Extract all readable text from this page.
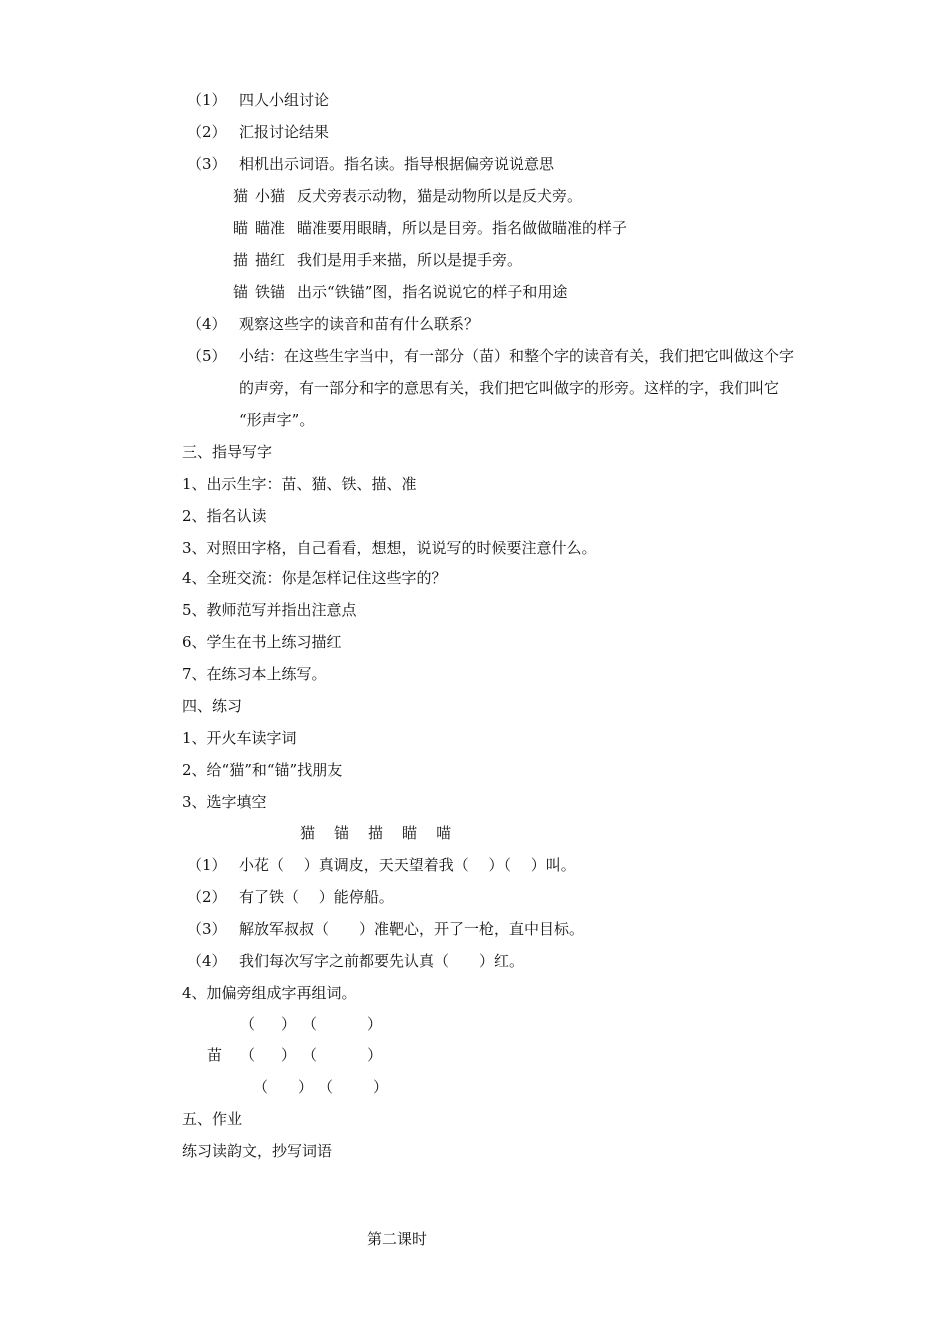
（1） 四人小组讨论
（2） 汇报讨论结果
（3） 相机出示词语。指名读。指导根据偏旁说说意思
猫 小猫 反犬旁表示动物，猫是动物所以是反犬旁。
瞄 瞄准 瞄准要用眼睛，所以是目旁。指名做做瞄准的样子
描 描红 我们是用手来描，所以是提手旁。
锚 铁锚 出示“铁锚”图，指名说说它的样子和用途
（4） 观察这些字的读音和苗有什么联系？
（5） 小结：在这些生字当中，有一部分（苗）和整个字的读音有关，我们把它叫做这个字
的声旁，有一部分和字的意思有关，我们把它叫做字的形旁。这样的字，我们叫它
“形声字”。
三、指导写字
1、出示生字：苗、猫、铁、描、准
2、指名认读
3、对照田字格，自己看看，想想，说说写的时候要注意什么。
4、全班交流：你是怎样记住这些字的？
5、教师范写并指出注意点
6、学生在书上练习描红
7、在练习本上练写。
四、练习
1、开火车读字词
2、给“猫”和“锚”找朋友
3、选字填空
猫 锚 描 瞄 喵
（1） 小花（　 ）真调皮，天天望着我（　 ）（　 ）叫。
（2） 有了铁（　 ）能停船。
（3） 解放军叔叔（　　）准靶心，开了一枪，直中目标。
（4） 我们每次写字之前都要先认真（　　）红。
4、加偏旁组成字再组词。
（ ） （	）
苗 （ ） （	）
（ ） （	）
五、作业
练习读韵文，抄写词语
第二课时
